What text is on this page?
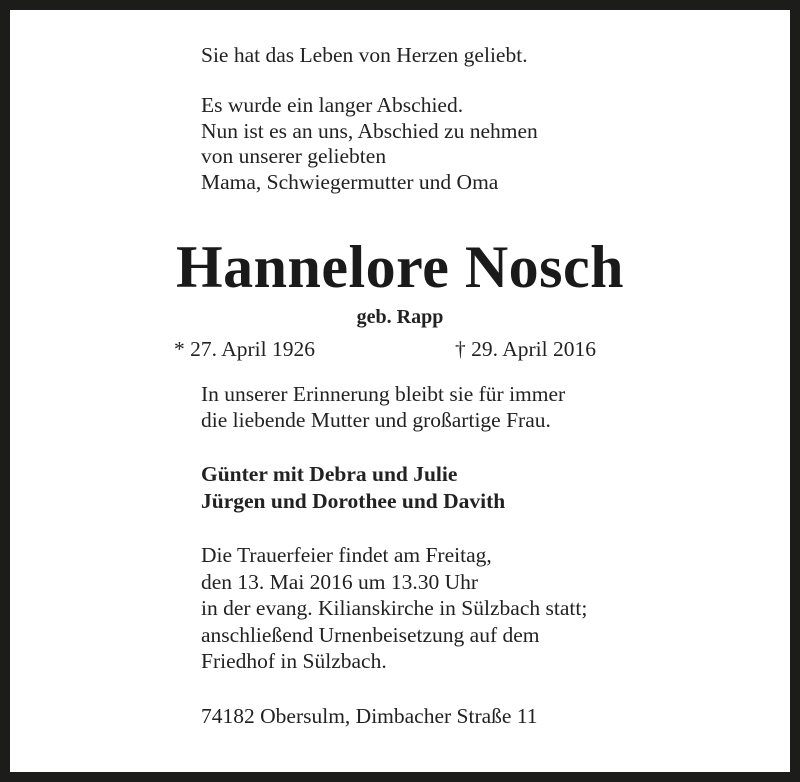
Sie hat das Leben von Herzen geliebt.
Es wurde ein langer Abschied.
Nun ist es an uns, Abschied zu nehmen
von unserer geliebten
Mama, Schwiegermutter und Oma
Hannelore Nosch
geb. Rapp
* 27. April 1926	† 29. April 2016
In unserer Erinnerung bleibt sie für immer
die liebende Mutter und großartige Frau.
Günter mit Debra und Julie
Jürgen und Dorothee und Davith
Die Trauerfeier findet am Freitag,
den 13. Mai 2016 um 13.30 Uhr
in der evang. Kilianskirche in Sülzbach statt;
anschließend Urnenbeisetzung auf dem
Friedhof in Sülzbach.
74182 Obersulm, Dimbacher Straße 11
